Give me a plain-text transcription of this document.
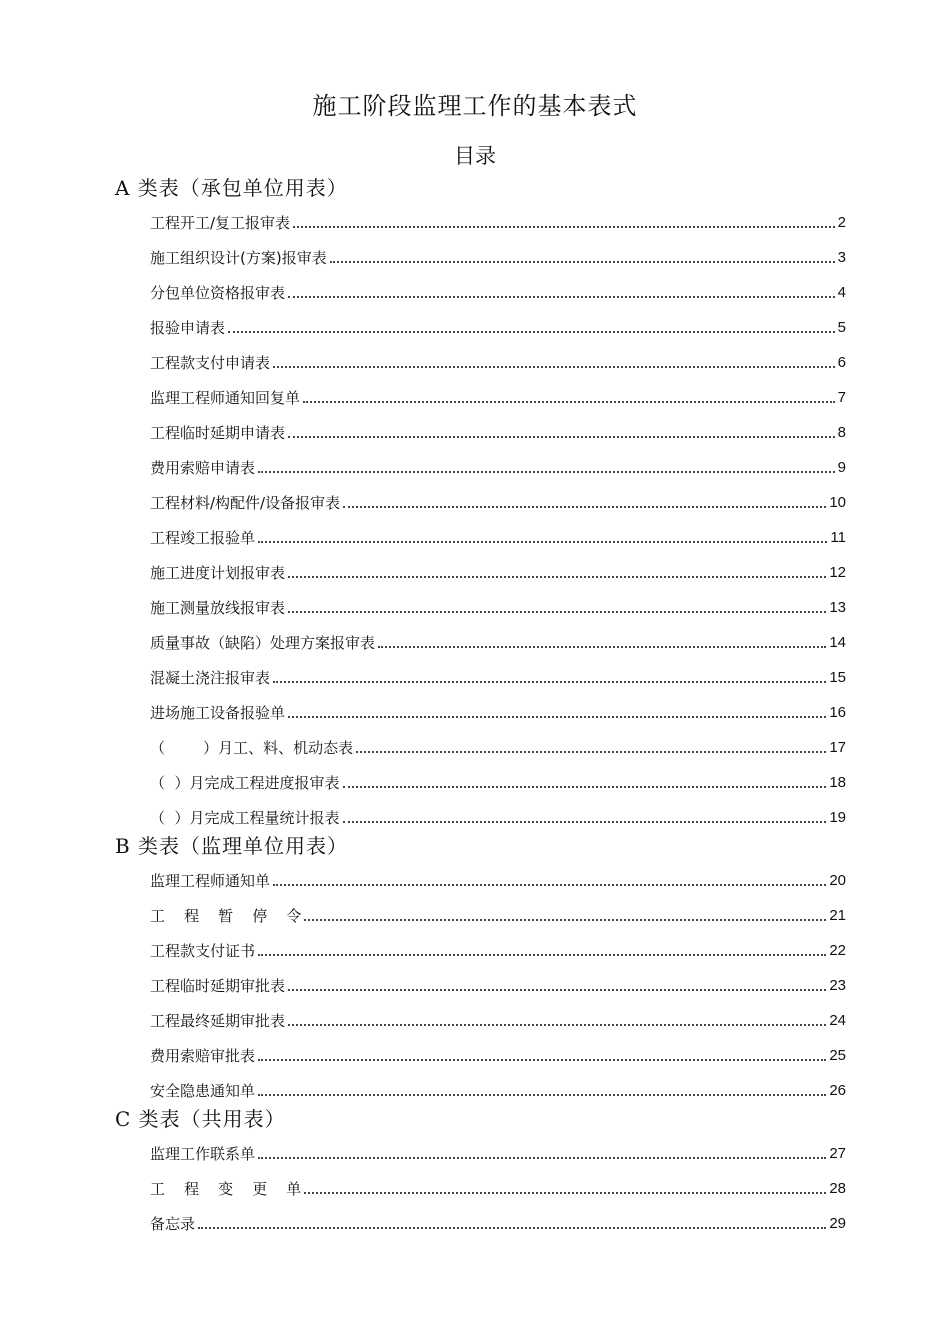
施工阶段监理工作的基本表式
目录
A 类表（承包单位用表）
工程开工/复工报审表	2
施工组织设计(方案)报审表	3
分包单位资格报审表	4
报验申请表	5
工程款支付申请表	6
监理工程师通知回复单	7
工程临时延期申请表	8
费用索赔申请表	9
工程材料/构配件/设备报审表	10
工程竣工报验单	11
施工进度计划报审表	12
施工测量放线报审表	13
质量事故（缺陷）处理方案报审表	14
混凝土浇注报审表	15
进场施工设备报验单	16
（        ）月工、料、机动态表	17
（  ）月完成工程进度报审表	18
（  ）月完成工程量统计报表	19
B 类表（监理单位用表）
监理工程师通知单	20
工    程    暂    停    令	21
工程款支付证书	22
工程临时延期审批表	23
工程最终延期审批表	24
费用索赔审批表	25
安全隐患通知单	26
C 类表（共用表）
监理工作联系单	27
工    程    变    更    单	28
备忘录	29
